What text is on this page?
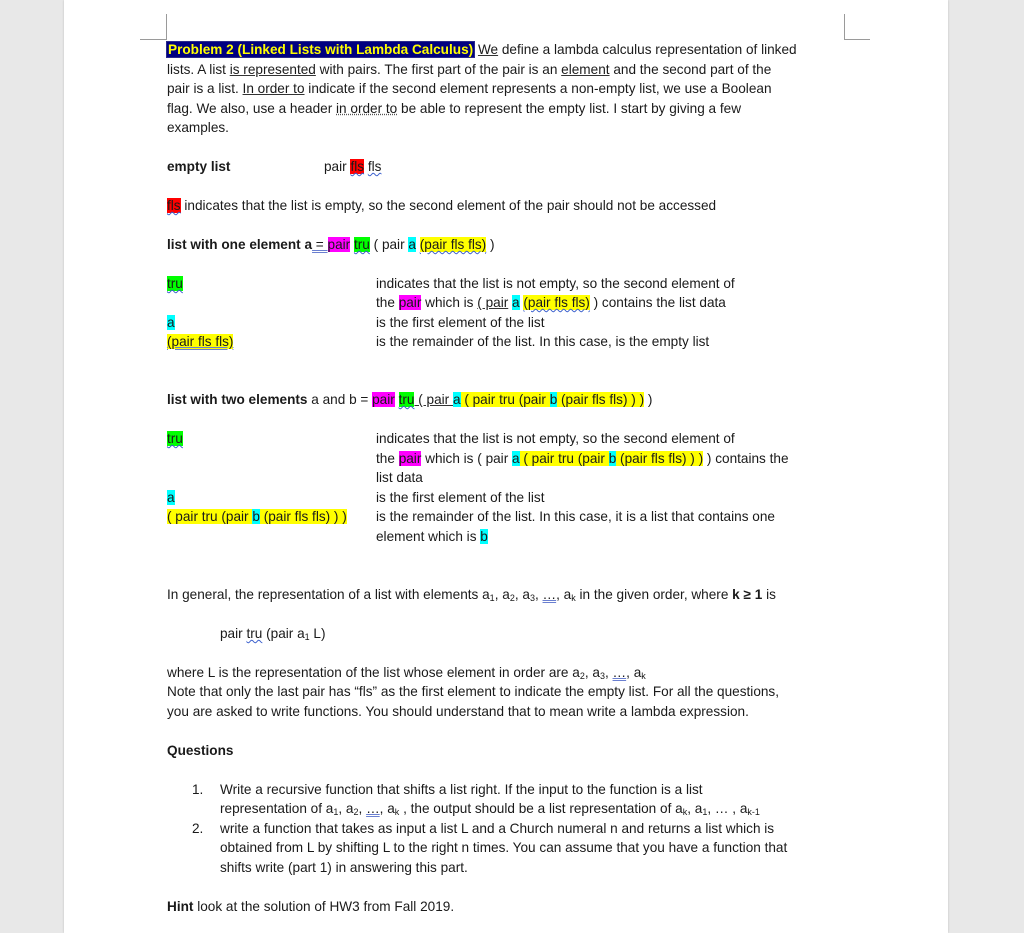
Problem 2 (Linked Lists with Lambda Calculus) We define a lambda calculus representation of linked
lists. A list is represented with pairs. The first part of the pair is an element and the second part of the
pair is a list. In order to indicate if the second element represents a non-empty list, we use a Boolean
flag. We also, use a header in order to be able to represent the empty list. I start by giving a few
examples.
empty list	pair fls fls
fls indicates that the list is empty, so the second element of the pair should not be accessed
list with one element a = pair tru ( pair a (pair fls fls) )
tru	indicates that the list is not empty, so the second element of
the pair which is ( pair a (pair fls fls) ) contains the list data
a	is the first element of the list
(pair fls fls)	is the remainder of the list. In this case, is the empty list
list with two elements a and b = pair tru ( pair a ( pair tru (pair b (pair fls fls) ) ) )
tru	indicates that the list is not empty, so the second element of
the pair which is ( pair a ( pair tru (pair b (pair fls fls) ) ) ) contains the
list data
a	is the first element of the list
( pair tru (pair b (pair fls fls) ) ) is the remainder of the list. In this case, it is a list that contains one
element which is b
In general, the representation of a list with elements $a_1$, $a_2$, $a_3$, …, $a_k$ in the given order, where k ≥ 1 is
pair tru (pair $a_1$ L)
where L is the representation of the list whose element in order are $a_2$, $a_3$, …, $a_k$
Note that only the last pair has “fls” as the first element to indicate the empty list. For all the questions,
you are asked to write functions. You should understand that to mean write a lambda expression.
Questions
1. Write a recursive function that shifts a list right. If the input to the function is a list
representation of $a_1$, $a_2$, …, $a_k$ , the output should be a list representation of $a_k$, $a_1$, … , $a_{k-1}$
2. write a function that takes as input a list L and a Church numeral n and returns a list which is
obtained from L by shifting L to the right n times. You can assume that you have a function that
shifts write (part 1) in answering this part.
Hint look at the solution of HW3 from Fall 2019.
